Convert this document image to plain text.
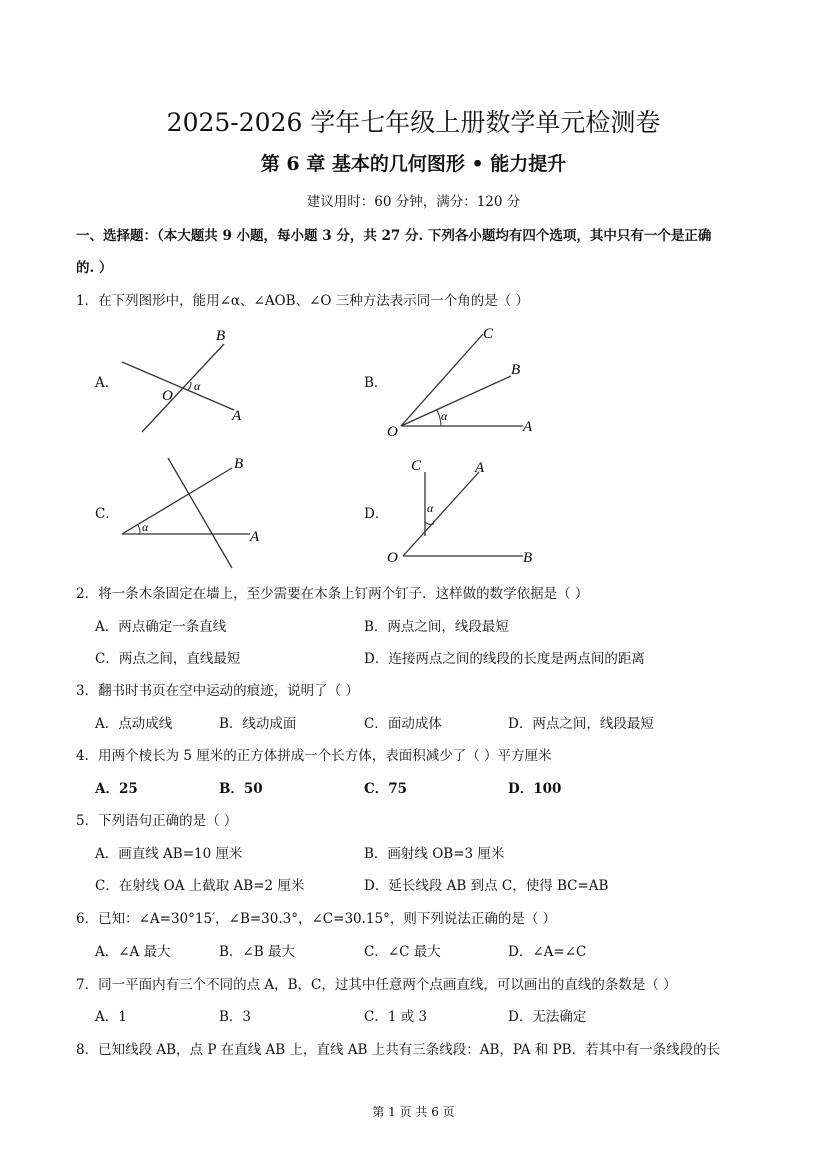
2025-2026 学年七年级上册数学单元检测卷
第 6 章 基本的几何图形 • 能力提升
建议用时：60 分钟，满分：120 分
一、选择题：（本大题共 9 小题，每小题 3 分，共 27 分. 下列各小题均有四个选项，其中只有一个是正确
的. ）
1．在下列图形中，能用∠α、∠AOB、∠O 三种方法表示同一个角的是（ ）
A．
B
O
α
A
B．
C
B
O
α
A
C．
B
α
A
D．
C	A
α
O	B
2．将一条木条固定在墙上，至少需要在木条上钉两个钉子．这样做的数学依据是（ ）
A．两点确定一条直线	B．两点之间，线段最短
C．两点之间，直线最短	D．连接两点之间的线段的长度是两点间的距离
3．翻书时书页在空中运动的痕迹，说明了（ ）
A．点动成线	B．线动成面	C．面动成体	D．两点之间，线段最短
4．用两个棱长为 5 厘米的正方体拼成一个长方体，表面积减少了（ ）平方厘米
A．25	B．50	C．75	D．100
5．下列语句正确的是（ ）
A．画直线 AB=10 厘米	B．画射线 OB=3 厘米
C．在射线 OA 上截取 AB=2 厘米	D．延长线段 AB 到点 C，使得 BC=AB
6．已知：∠A=30°15′，∠B=30.3°，∠C=30.15°，则下列说法正确的是（ ）
A．∠A 最大	B．∠B 最大	C．∠C 最大	D．∠A=∠C
7．同一平面内有三个不同的点 A，B，C，过其中任意两个点画直线，可以画出的直线的条数是（ ）
A．1	B．3	C．1 或 3	D．无法确定
8．已知线段 AB，点 P 在直线 AB 上，直线 AB 上共有三条线段：AB，PA 和 PB．若其中有一条线段的长
第 1 页 共 6 页
